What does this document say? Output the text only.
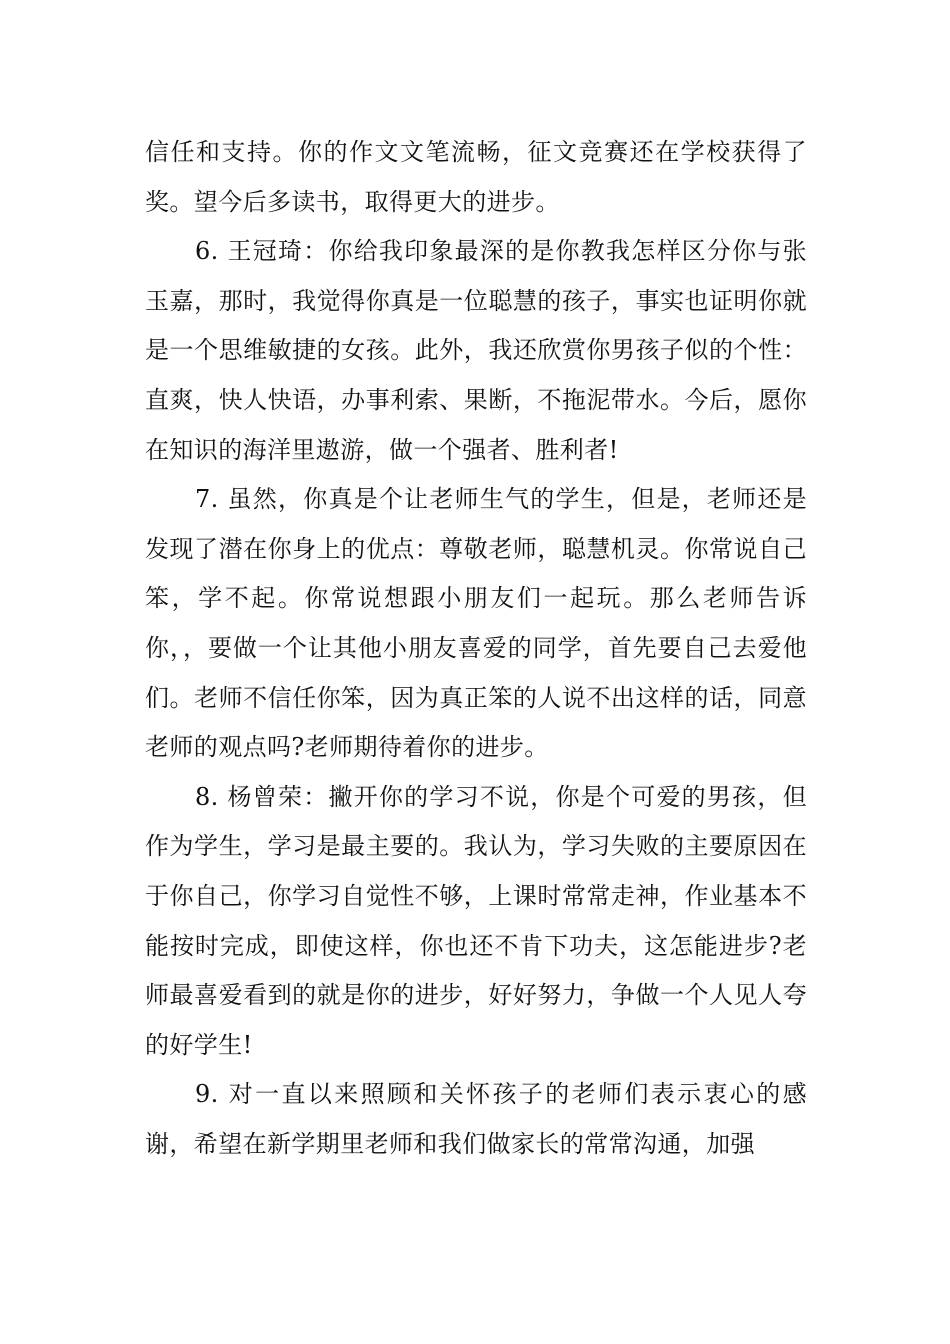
信任和支持。你的作文文笔流畅，征文竞赛还在学校获得了奖。望今后多读书，取得更大的进步。

6. 王冠琦：你给我印象最深的是你教我怎样区分你与张玉嘉，那时，我觉得你真是一位聪慧的孩子，事实也证明你就是一个思维敏捷的女孩。此外，我还欣赏你男孩子似的个性：直爽，快人快语，办事利索、果断，不拖泥带水。今后，愿你在知识的海洋里遨游，做一个强者、胜利者!

7. 虽然，你真是个让老师生气的学生，但是，老师还是发现了潜在你身上的优点：尊敬老师，聪慧机灵。你常说自己笨，学不起。你常说想跟小朋友们一起玩。那么老师告诉你，，要做一个让其他小朋友喜爱的同学，首先要自己去爱他们。老师不信任你笨，因为真正笨的人说不出这样的话，同意老师的观点吗?老师期待着你的进步。

8. 杨曾荣：撇开你的学习不说，你是个可爱的男孩，但作为学生，学习是最主要的。我认为，学习失败的主要原因在于你自己，你学习自觉性不够，上课时常常走神，作业基本不能按时完成，即使这样，你也还不肯下功夫，这怎能进步?老师最喜爱看到的就是你的进步，好好努力，争做一个人见人夸的好学生!

9. 对一直以来照顾和关怀孩子的老师们表示衷心的感谢，希望在新学期里老师和我们做家长的常常沟通，加强
